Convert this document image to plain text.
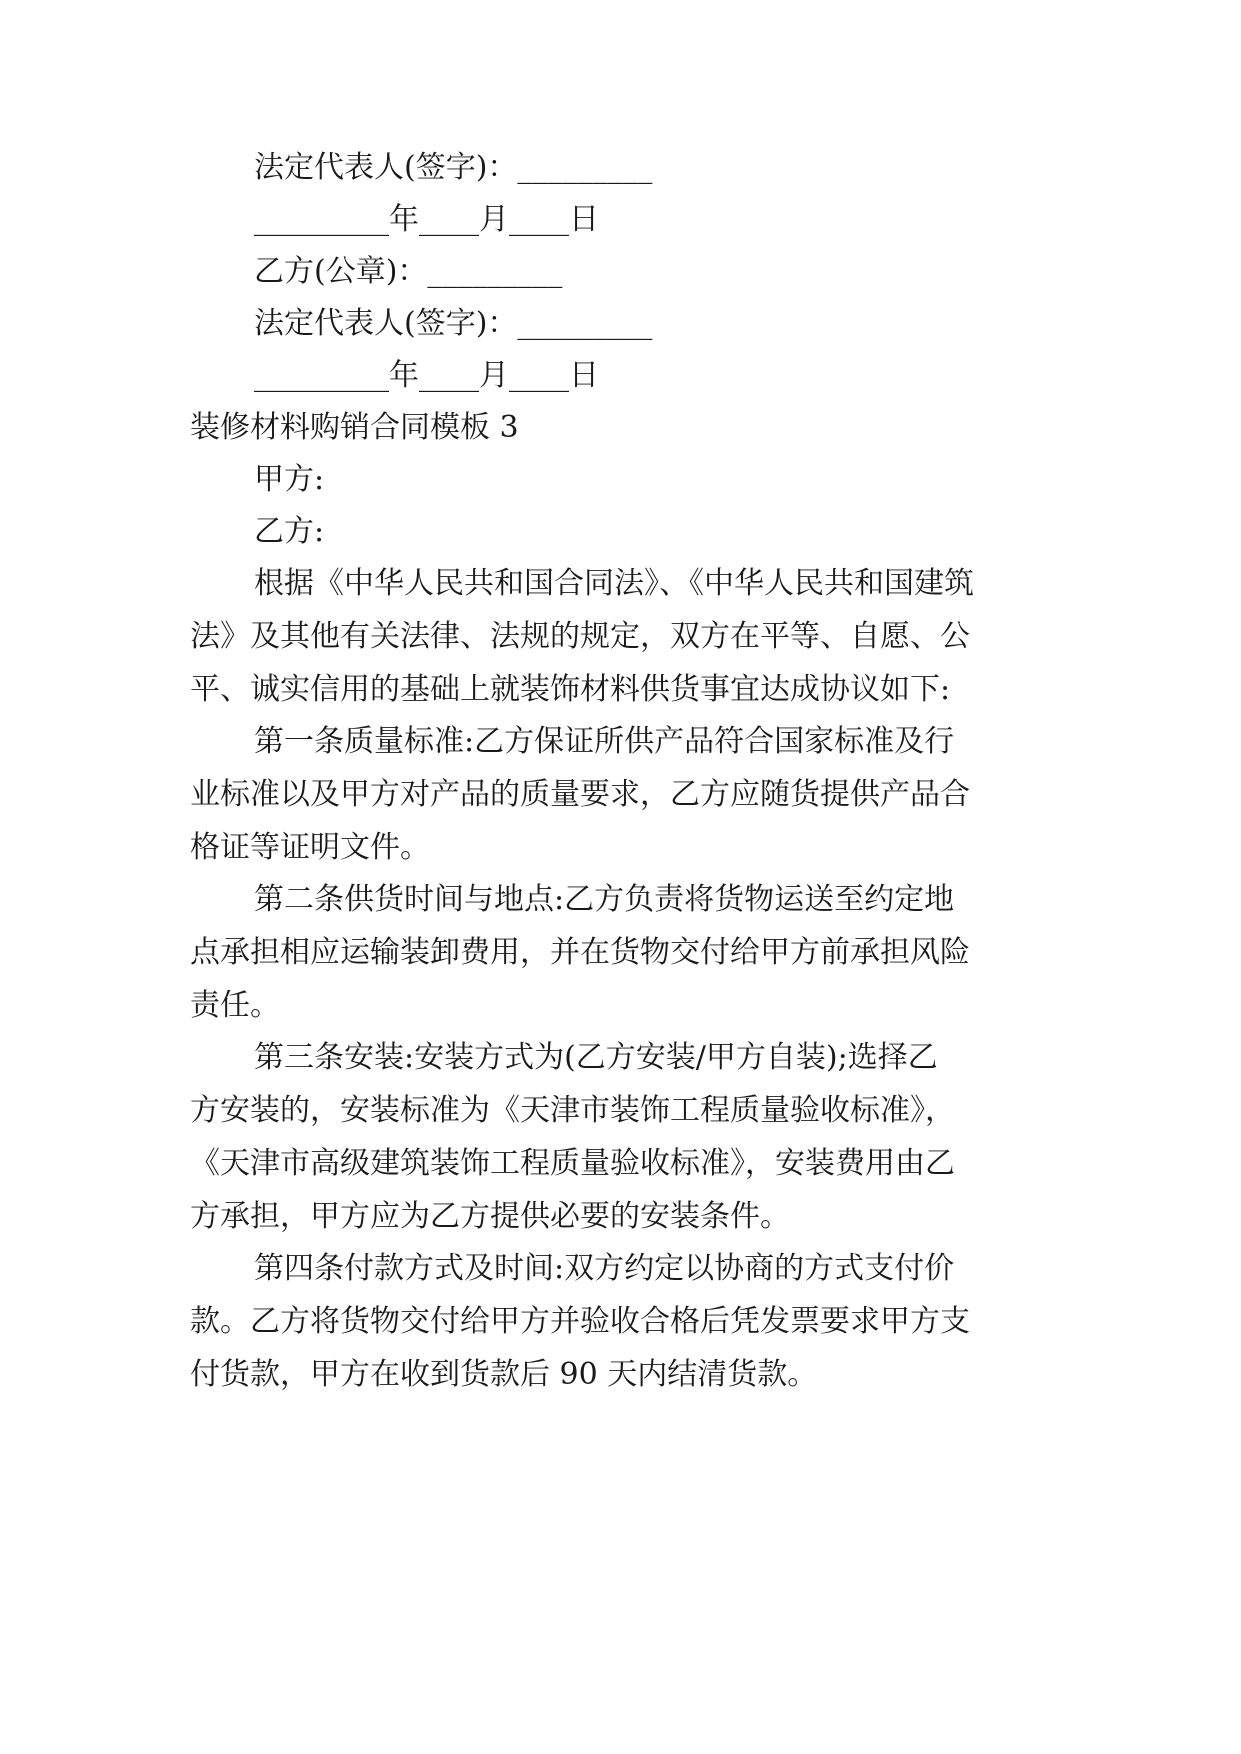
法定代表人(签字)：_________
_________年____月____日
乙方(公章)：_________
法定代表人(签字)：_________
_________年____月____日
装修材料购销合同模板 3
甲方:
乙方:
根据《中华人民共和国合同法》、《中华人民共和国建筑
法》及其他有关法律、法规的规定，双方在平等、自愿、公
平、诚实信用的基础上就装饰材料供货事宜达成协议如下:
第一条质量标准:乙方保证所供产品符合国家标准及行
业标准以及甲方对产品的质量要求，乙方应随货提供产品合
格证等证明文件。
第二条供货时间与地点:乙方负责将货物运送至约定地
点承担相应运输装卸费用，并在货物交付给甲方前承担风险
责任。
第三条安装:安装方式为(乙方安装/甲方自装);选择乙
方安装的，安装标准为《天津市装饰工程质量验收标准》，
《天津市高级建筑装饰工程质量验收标准》，安装费用由乙
方承担，甲方应为乙方提供必要的安装条件。
第四条付款方式及时间:双方约定以协商的方式支付价
款。乙方将货物交付给甲方并验收合格后凭发票要求甲方支
付货款，甲方在收到货款后 90 天内结清货款。
